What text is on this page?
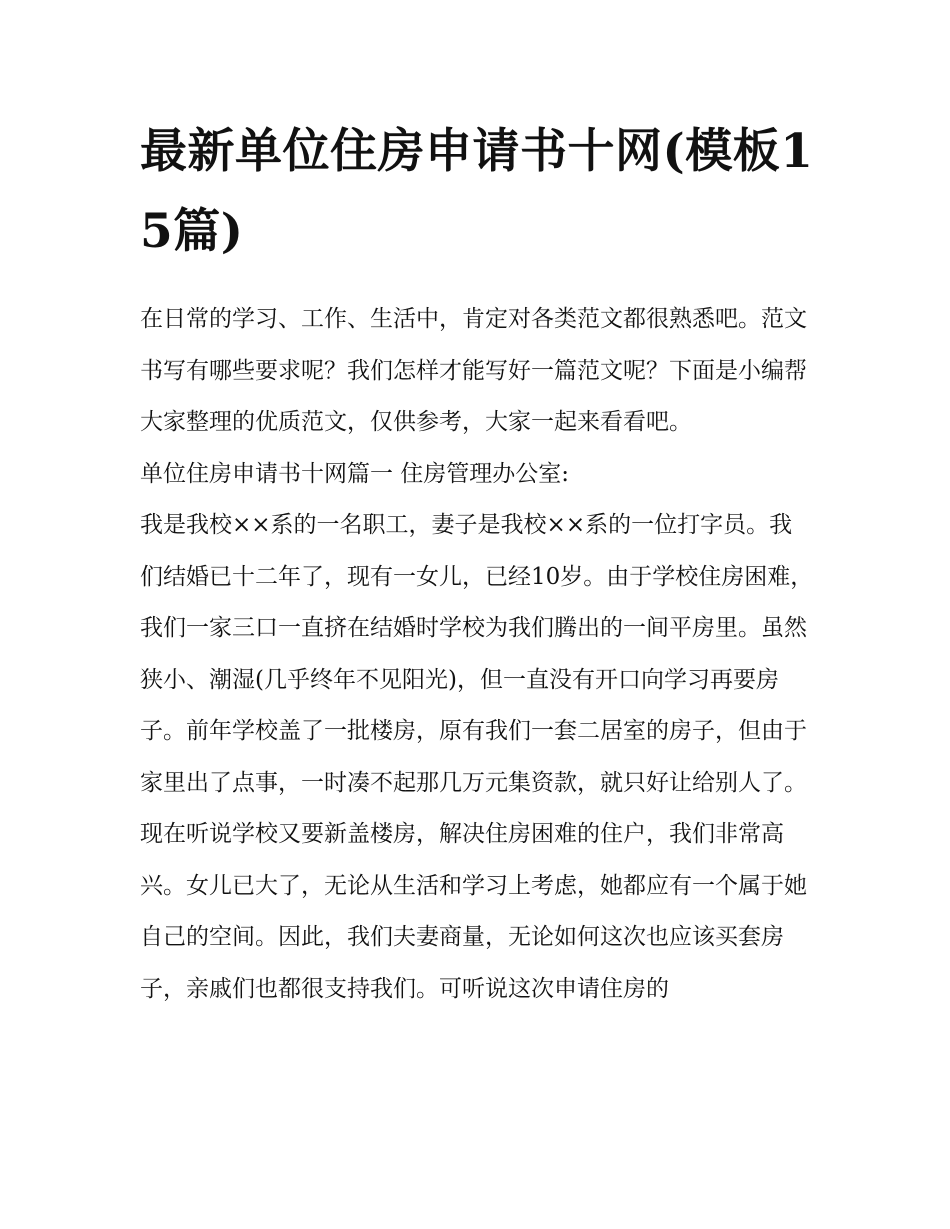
最新单位住房申请书十网(模板15篇)

在日常的学习、工作、生活中，肯定对各类范文都很熟悉吧。范文书写有哪些要求呢？我们怎样才能写好一篇范文呢？下面是小编帮大家整理的优质范文，仅供参考，大家一起来看看吧。

单位住房申请书十网篇一 住房管理办公室:

我是我校××系的一名职工，妻子是我校××系的一位打字员。我们结婚已十二年了，现有一女儿，已经10岁。由于学校住房困难，我们一家三口一直挤在结婚时学校为我们腾出的一间平房里。虽然狭小、潮湿(几乎终年不见阳光)，但一直没有开口向学习再要房子。前年学校盖了一批楼房，原有我们一套二居室的房子，但由于家里出了点事，一时凑不起那几万元集资款，就只好让给别人了。

现在听说学校又要新盖楼房，解决住房困难的住户，我们非常高兴。女儿已大了，无论从生活和学习上考虑，她都应有一个属于她自己的空间。因此，我们夫妻商量，无论如何这次也应该买套房子，亲戚们也都很支持我们。可听说这次申请住房的
